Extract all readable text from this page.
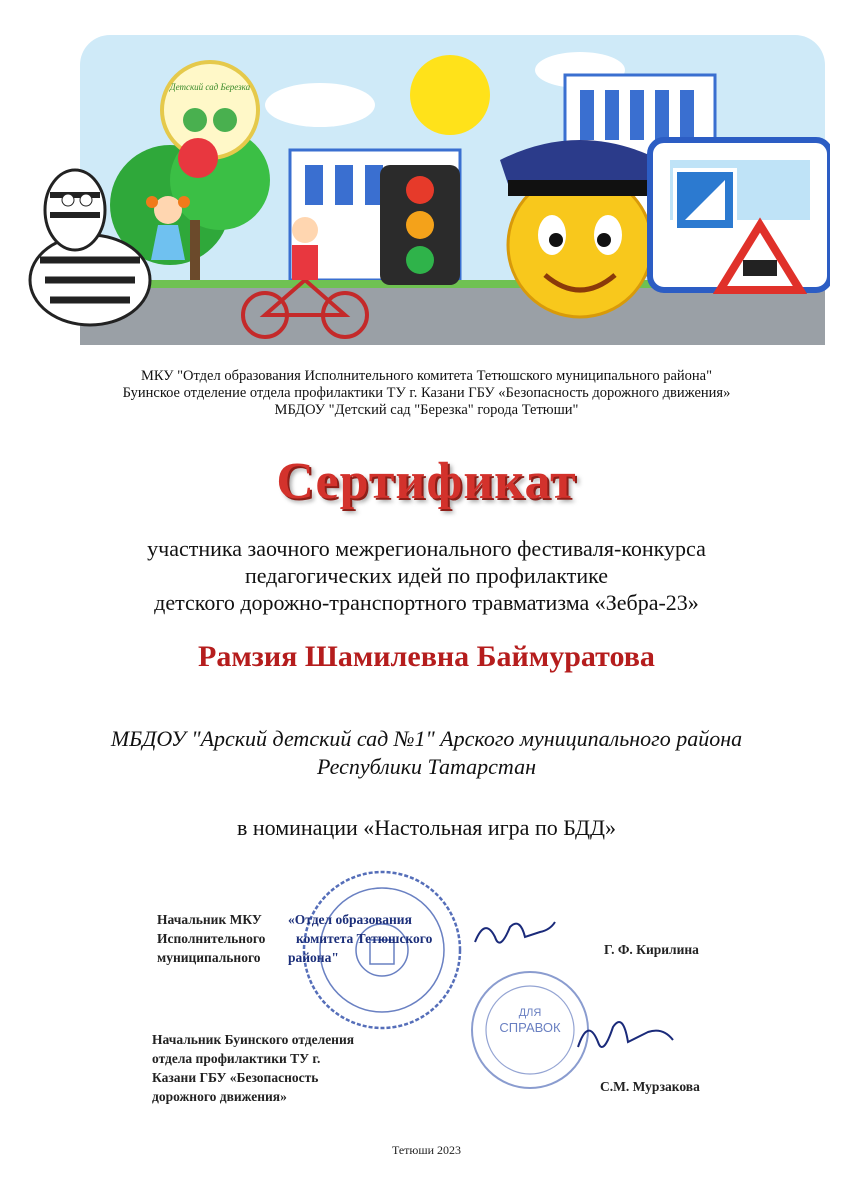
Детский сад Березка
МКУ "Отдел образования Исполнительного комитета Тетюшского муниципального района"
Буинское отделение отдела профилактики ТУ г. Казани ГБУ «Безопасность дорожного движения»
МБДОУ "Детский сад "Березка" города Тетюши"
Сертификат
участника заочного межрегионального фестиваля-конкурса
педагогических идей по профилактике
детского дорожно-транспортного травматизма «Зебра-23»
Рамзия Шамилевна Баймуратова
МБДОУ "Арский детский сад №1" Арского муниципального района
Республики Татарстан
в номинации «Настольная игра по БДД»
ДЛЯ
СПРАВОК
Начальник МКУ
Исполнительного
муниципального
«Отдел образования
комитета Тетюшского
района"
Г. Ф. Кирилина
Начальник Буинского отделения
отдела профилактики ТУ г.
Казани ГБУ «Безопасность
дорожного движения»
С.М. Мурзакова
Тетюши 2023
